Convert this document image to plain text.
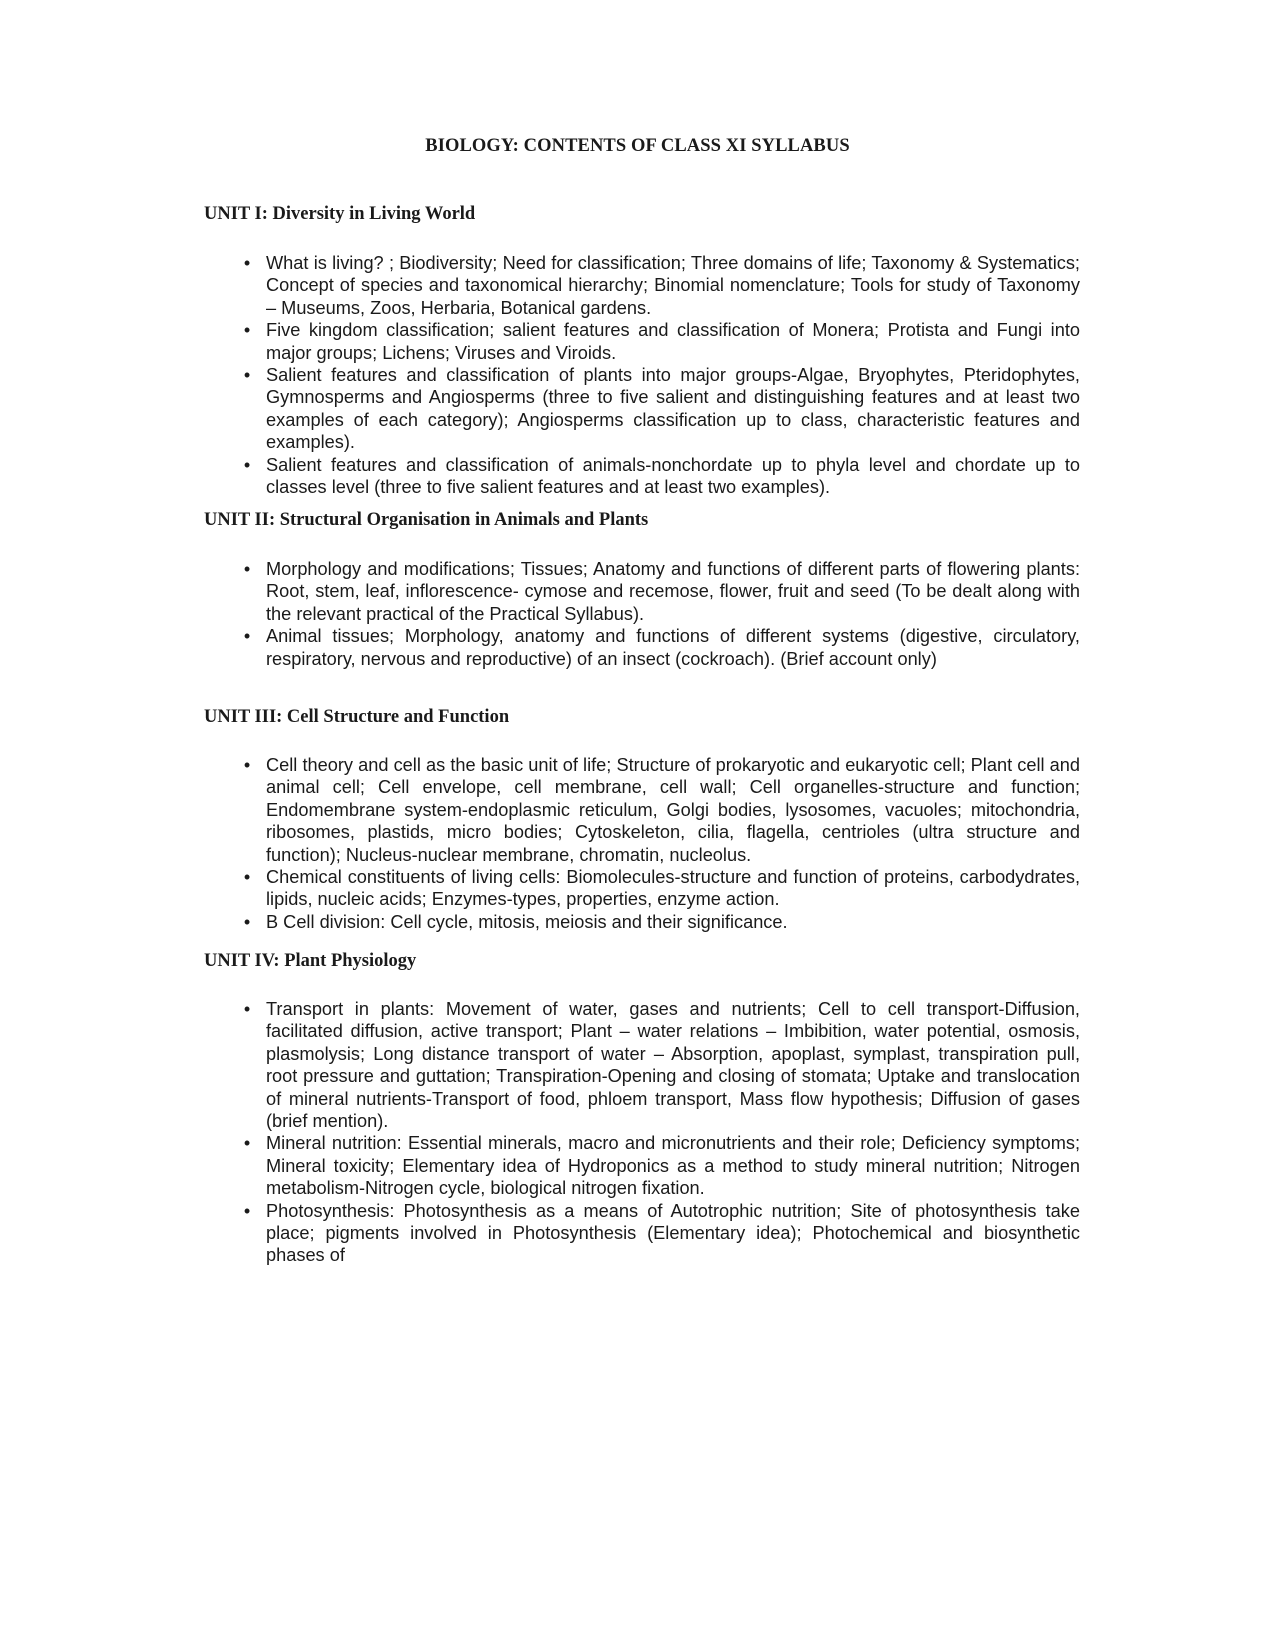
BIOLOGY: CONTENTS OF CLASS XI SYLLABUS
UNIT I: Diversity in Living World
• What is living? ; Biodiversity; Need for classification; Three domains of life; Taxonomy & Systematics; Concept of species and taxonomical hierarchy; Binomial nomenclature; Tools for study of Taxonomy – Museums, Zoos, Herbaria, Botanical gardens.
• Five kingdom classification; salient features and classification of Monera; Protista and Fungi into major groups; Lichens; Viruses and Viroids.
• Salient features and classification of plants into major groups-Algae, Bryophytes, Pteridophytes, Gymnosperms and Angiosperms (three to five salient and distinguishing features and at least two examples of each category); Angiosperms classification up to class, characteristic features and examples).
• Salient features and classification of animals-nonchordate up to phyla level and chordate up to classes level (three to five salient features and at least two examples).
UNIT II: Structural Organisation in Animals and Plants
• Morphology and modifications; Tissues; Anatomy and functions of different parts of flowering plants: Root, stem, leaf, inflorescence- cymose and recemose, flower, fruit and seed (To be dealt along with the relevant practical of the Practical Syllabus).
• Animal tissues; Morphology, anatomy and functions of different systems (digestive, circulatory, respiratory, nervous and reproductive) of an insect (cockroach). (Brief account only)
UNIT III: Cell Structure and Function
• Cell theory and cell as the basic unit of life; Structure of prokaryotic and eukaryotic cell; Plant cell and animal cell; Cell envelope, cell membrane, cell wall; Cell organelles-structure and function; Endomembrane system-endoplasmic reticulum, Golgi bodies, lysosomes, vacuoles; mitochondria, ribosomes, plastids, micro bodies; Cytoskeleton, cilia, flagella, centrioles (ultra structure and function); Nucleus-nuclear membrane, chromatin, nucleolus.
• Chemical constituents of living cells: Biomolecules-structure and function of proteins, carbodydrates, lipids, nucleic acids; Enzymes-types, properties, enzyme action.
• B Cell division: Cell cycle, mitosis, meiosis and their significance.
UNIT IV: Plant Physiology
• Transport in plants: Movement of water, gases and nutrients; Cell to cell transport-Diffusion, facilitated diffusion, active transport; Plant – water relations – Imbibition, water potential, osmosis, plasmolysis; Long distance transport of water – Absorption, apoplast, symplast, transpiration pull, root pressure and guttation; Transpiration-Opening and closing of stomata; Uptake and translocation of mineral nutrients-Transport of food, phloem transport, Mass flow hypothesis; Diffusion of gases (brief mention).
• Mineral nutrition: Essential minerals, macro and micronutrients and their role; Deficiency symptoms; Mineral toxicity; Elementary idea of Hydroponics as a method to study mineral nutrition; Nitrogen metabolism-Nitrogen cycle, biological nitrogen fixation.
• Photosynthesis: Photosynthesis as a means of Autotrophic nutrition; Site of photosynthesis take place; pigments involved in Photosynthesis (Elementary idea); Photochemical and biosynthetic phases of
